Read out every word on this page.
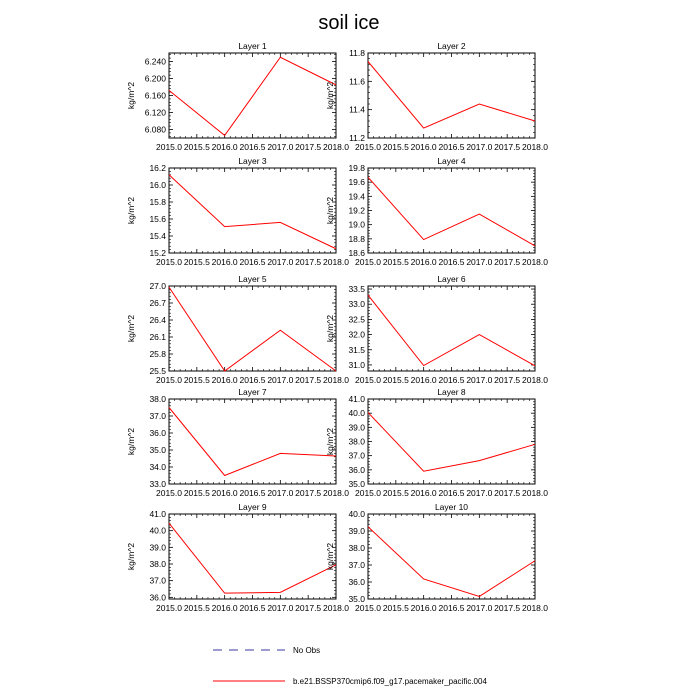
soil ice
Layer 1
2015.0 2015.5 2016.0 2016.5 2017.0 2017.5 2018.0
6.080
6.120
6.160
6.200
6.240
kg/m^2
Layer 2
2015.0 2015.5 2016.0 2016.5 2017.0 2017.5 2018.0
11.2
11.4
11.6
11.8
kg/m^2
Layer 3
2015.0 2015.5 2016.0 2016.5 2017.0 2017.5 2018.0
15.2
15.4
15.6
15.8
16.0
16.2
kg/m^2
Layer 4
2015.0 2015.5 2016.0 2016.5 2017.0 2017.5 2018.0
18.6
18.8
19.0
19.2
19.4
19.6
19.8
kg/m^2
Layer 5
2015.0 2015.5 2016.0 2016.5 2017.0 2017.5 2018.0
25.5
25.8
26.1
26.4
26.7
27.0
kg/m^2
Layer 6
2015.0 2015.5 2016.0 2016.5 2017.0 2017.5 2018.0
31.0
31.5
32.0
32.5
33.0
33.5
kg/m^2
Layer 7
2015.0 2015.5 2016.0 2016.5 2017.0 2017.5 2018.0
33.0
34.0
35.0
36.0
37.0
38.0
kg/m^2
Layer 8
2015.0 2015.5 2016.0 2016.5 2017.0 2017.5 2018.0
35.0
36.0
37.0
38.0
39.0
40.0
41.0
kg/m^2
Layer 9
2015.0 2015.5 2016.0 2016.5 2017.0 2017.5 2018.0
36.0
37.0
38.0
39.0
40.0
41.0
kg/m^2
Layer 10
2015.0 2015.5 2016.0 2016.5 2017.0 2017.5 2018.0
35.0
36.0
37.0
38.0
39.0
40.0
kg/m^2
No Obs
b.e21.BSSP370cmip6.f09_g17.pacemaker_pacific.004
